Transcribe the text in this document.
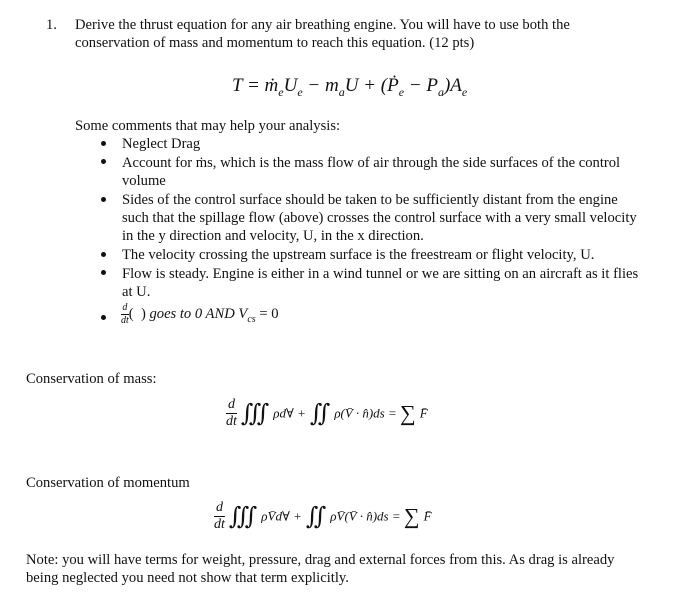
1. Derive the thrust equation for any air breathing engine. You will have to use both the
conservation of mass and momentum to reach this equation. (12 pts)
$T = ṁ_eU_e - m_aU$ + (Ṗ$_e$ − $P_a)A_e$
Some comments that may help your analysis:
Neglect Drag
Account for ṁs, which is the mass flow of air through the side surfaces of the control
volume
Sides of the control surface should be taken to be sufficiently distant from the engine
such that the spillage flow (above) crosses the control surface with a very small velocity
in the y direction and velocity, U, in the x direction.
The velocity crossing the upstream surface is the freestream or flight velocity, U.
Flow is steady. Engine is either in a wind tunnel or we are sitting on an aircraft as it flies
at U.
$\frac{d}{dt}$ (  ) goes to 0 AND $V_{cs} = 0$
Conservation of mass:
$\frac{d}{dt}$ ∭ ρd∀ + ∬ ρ(V̄ · n̂)ds = ∑ F̄
Conservation of momentum
$\frac{d}{dt}$ ∭ ρV̄d∀ + ∬ ρV̄(V̄ · n̂)ds = ∑ F̄
Note: you will have terms for weight, pressure, drag and external forces from this. As drag is already
being neglected you need not show that term explicitly.
